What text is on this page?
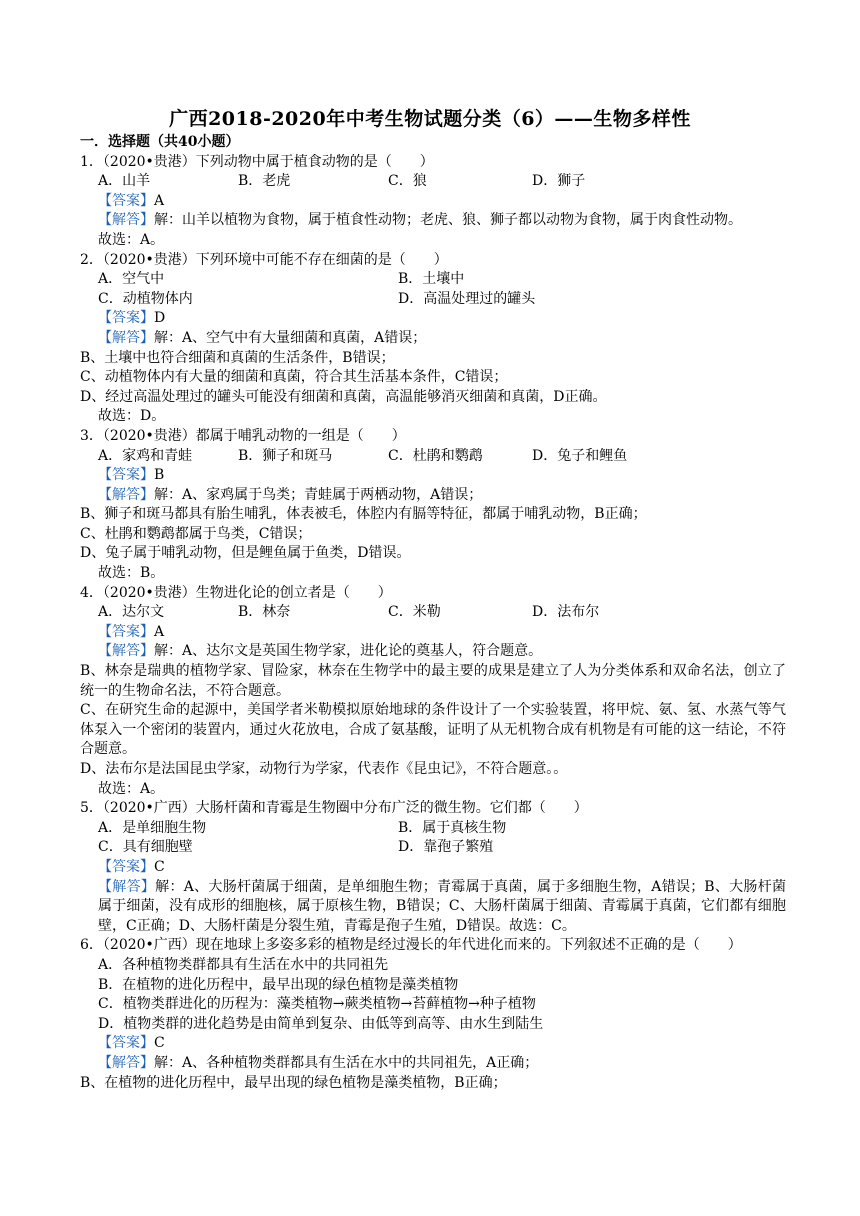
广西2018-2020年中考生物试题分类（6）——生物多样性
一．选择题（共40小题）
1．（2020•贵港）下列动物中属于植食动物的是（　　）
A．山羊	B．老虎	C．狼	D．狮子
【答案】A
【解答】解：山羊以植物为食物，属于植食性动物；老虎、狼、狮子都以动物为食物，属于肉食性动物。
故选：A。
2．（2020•贵港）下列环境中可能不存在细菌的是（　　）
A．空气中	B．土壤中
C．动植物体内	D．高温处理过的罐头
【答案】D
【解答】解：A、空气中有大量细菌和真菌，A错误；
B、土壤中也符合细菌和真菌的生活条件，B错误；
C、动植物体内有大量的细菌和真菌，符合其生活基本条件，C错误；
D、经过高温处理过的罐头可能没有细菌和真菌，高温能够消灭细菌和真菌，D正确。
故选：D。
3．（2020•贵港）都属于哺乳动物的一组是（　　）
A．家鸡和青蛙	B．狮子和斑马	C．杜鹃和鹦鹉	D．兔子和鲤鱼
【答案】B
【解答】解：A、家鸡属于鸟类；青蛙属于两栖动物，A错误；
B、狮子和斑马都具有胎生哺乳，体表被毛，体腔内有膈等特征，都属于哺乳动物，B正确；
C、杜鹃和鹦鹉都属于鸟类，C错误；
D、兔子属于哺乳动物，但是鲤鱼属于鱼类，D错误。
故选：B。
4．（2020•贵港）生物进化论的创立者是（　　）
A．达尔文	B．林奈	C．米勒	D．法布尔
【答案】A
【解答】解：A、达尔文是英国生物学家，进化论的奠基人，符合题意。
B、林奈是瑞典的植物学家、冒险家，林奈在生物学中的最主要的成果是建立了人为分类体系和双命名法，创立了统一的生物命名法，不符合题意。
C、在研究生命的起源中，美国学者米勒模拟原始地球的条件设计了一个实验装置，将甲烷、氨、氢、水蒸气等气体泵入一个密闭的装置内，通过火花放电，合成了氨基酸，证明了从无机物合成有机物是有可能的这一结论，不符合题意。
D、法布尔是法国昆虫学家，动物行为学家，代表作《昆虫记》，不符合题意。。
故选：A。
5．（2020•广西）大肠杆菌和青霉是生物圈中分布广泛的微生物。它们都（　　）
A．是单细胞生物	B．属于真核生物
C．具有细胞壁	D．靠孢子繁殖
【答案】C
【解答】解：A、大肠杆菌属于细菌，是单细胞生物；青霉属于真菌，属于多细胞生物，A错误；B、大肠杆菌属于细菌，没有成形的细胞核，属于原核生物，B错误；C、大肠杆菌属于细菌、青霉属于真菌，它们都有细胞壁，C正确；D、大肠杆菌是分裂生殖，青霉是孢子生殖，D错误。故选：C。
6．（2020•广西）现在地球上多姿多彩的植物是经过漫长的年代进化而来的。下列叙述不正确的是（　　）
A．各种植物类群都具有生活在水中的共同祖先
B．在植物的进化历程中，最早出现的绿色植物是藻类植物
C．植物类群进化的历程为：藻类植物→蕨类植物→苔藓植物→种子植物
D．植物类群的进化趋势是由简单到复杂、由低等到高等、由水生到陆生
【答案】C
【解答】解：A、各种植物类群都具有生活在水中的共同祖先，A正确；
B、在植物的进化历程中，最早出现的绿色植物是藻类植物，B正确；
